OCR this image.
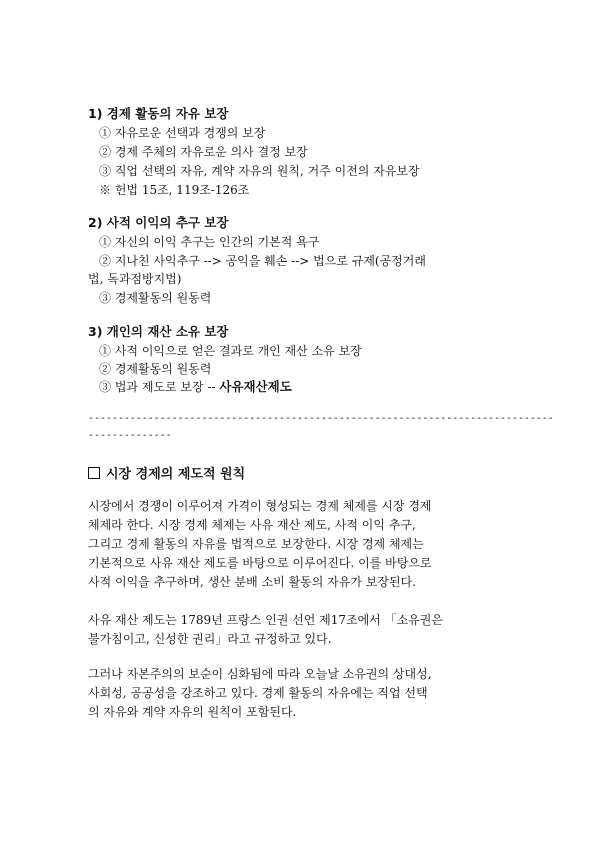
1) 경제 활동의 자유 보장
① 자유로운 선택과 경쟁의 보장
② 경제 주체의 자유로운 의사 결정 보장
③ 직업 선택의 자유, 계약 자유의 원칙, 거주 이전의 자유보장
※ 헌법 15조, 119조-126조
2) 사적 이익의 추구 보장
① 자신의 이익 추구는 인간의 기본적 욕구
② 지나친 사익추구 --> 공익을 훼손 --> 법으로 규제(공정거래
법, 독과점방지법)
③ 경제활동의 원동력
3) 개인의 재산 소유 보장
① 사적 이익으로 얻은 결과로 개인 재산 소유 보장
② 경제활동의 원동력
③ 법과 제도로 보장 -- 사유재산제도
------------------------------------------------------------------------------
--------------
시장 경제의 제도적 원칙
시장에서 경쟁이 이루어져 가격이 형성되는 경제 체제를 시장 경제
체제라 한다. 시장 경제 체제는 사유 재산 제도, 사적 이익 추구,
그리고 경제 활동의 자유를 법적으로 보장한다. 시장 경제 체제는
기본적으로 사유 재산 제도를 바탕으로 이루어진다. 이를 바탕으로
사적 이익을 추구하며, 생산 분배 소비 활동의 자유가 보장된다.
사유 재산 제도는 1789년 프랑스 인권 선언 제17조에서 「소유권은
불가침이고, 신성한 권리」라고 규정하고 있다.
그러나 자본주의의 보순이 심화됨에 따라 오늘날 소유권의 상대성,
사회성, 공공성을 강조하고 있다. 경제 활동의 자유에는 직업 선택
의 자유와 계약 자유의 원칙이 포함된다.
